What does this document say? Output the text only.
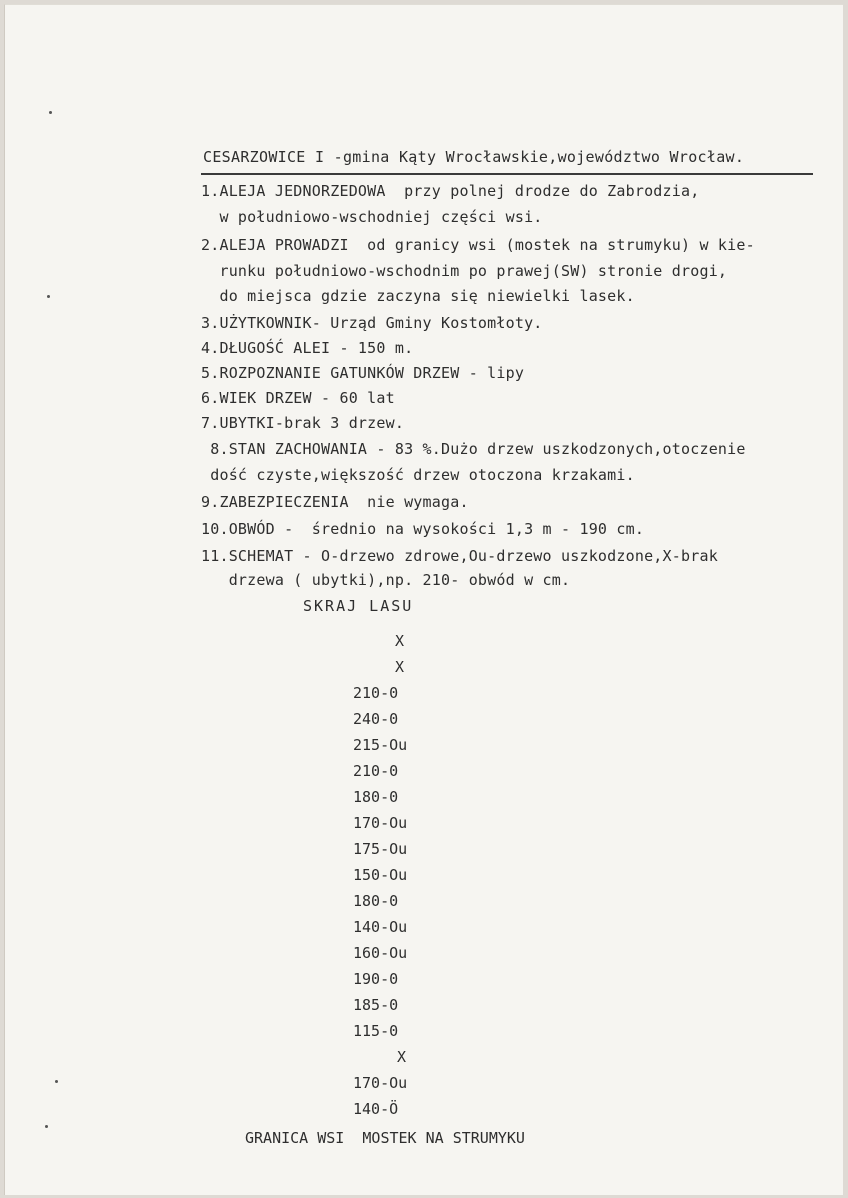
CESARZOWICE I -gmina Kąty Wrocławskie,województwo Wrocław.
1.ALEJA JEDNORZEDOWA  przy polnej drodze do Zabrodzia,
w południowo-wschodniej części wsi.
2.ALEJA PROWADZI  od granicy wsi (mostek na strumyku) w kie-
runku południowo-wschodnim po prawej(SW) stronie drogi,
do miejsca gdzie zaczyna się niewielki lasek.
3.UŻYTKOWNIK- Urząd Gminy Kostomłoty.
4.DŁUGOŚĆ ALEI - 150 m.
5.ROZPOZNANIE GATUNKÓW DRZEW - lipy
6.WIEK DRZEW - 60 lat
7.UBYTKI-brak 3 drzew.
8.STAN ZACHOWANIA - 83 %.Dużo drzew uszkodzonych,otoczenie
dość czyste,większość drzew otoczona krzakami.
9.ZABEZPIECZENIA  nie wymaga.
10.OBWÓD -  średnio na wysokości 1,3 m - 190 cm.
11.SCHEMAT - O-drzewo zdrowe,Ou-drzewo uszkodzone,X-brak
drzewa ( ubytki),np. 210- obwód w cm.
SKRAJ LASU
X
X
210-0
240-0
215-Ou
210-0
180-0
170-Ou
175-Ou
150-Ou
180-0
140-Ou
160-Ou
190-0
185-0
115-0
X
170-Ou
140-Ö
GRANICA WSI  MOSTEK NA STRUMYKU
